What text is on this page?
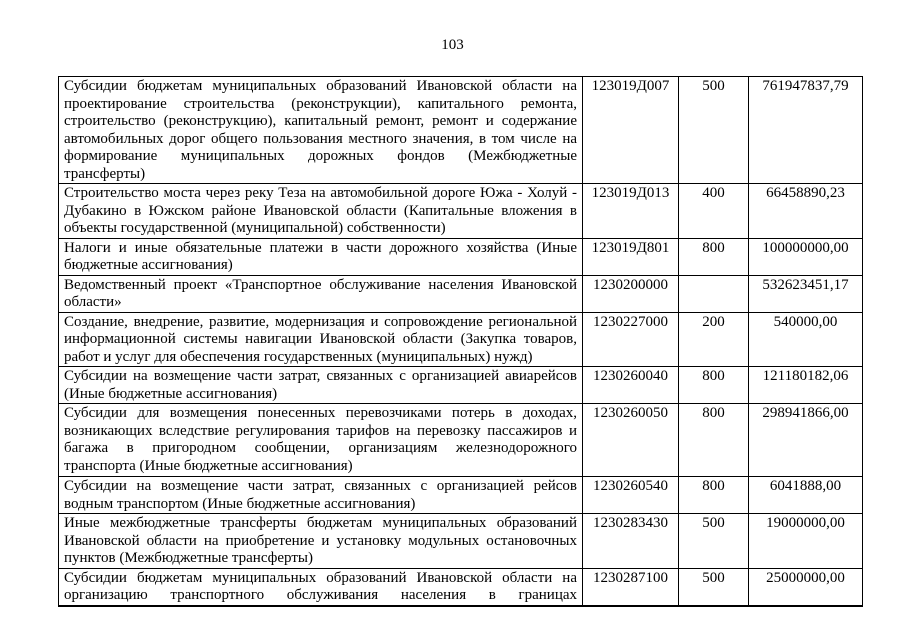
103
Субсидии бюджетам муниципальных образований Ивановской области на проектирование строительства (реконструкции), капитального ремонта, строительство (реконструкцию), капитальный ремонт, ремонт и содержание автомобильных дорог общего пользования местного значения, в том числе на формирование муниципальных дорожных фондов (Межбюджетные трансферты)	123019Д007	500	761947837,79
Строительство моста через реку Теза на автомобильной дороге Южа - Холуй - Дубакино в Южском районе Ивановской области (Капитальные вложения в объекты государственной (муниципальной) собственности)	123019Д013	400	66458890,23
Налоги и иные обязательные платежи в части дорожного хозяйства (Иные бюджетные ассигнования)	123019Д801	800	100000000,00
Ведомственный проект «Транспортное обслуживание населения Ивановской области»	1230200000		532623451,17
Создание, внедрение, развитие, модернизация и сопровождение региональной информационной системы навигации Ивановской области (Закупка товаров, работ и услуг для обеспечения государственных (муниципальных) нужд)	1230227000	200	540000,00
Субсидии на возмещение части затрат, связанных с организацией авиарейсов (Иные бюджетные ассигнования)	1230260040	800	121180182,06
Субсидии для возмещения понесенных перевозчиками потерь в доходах, возникающих вследствие регулирования тарифов на перевозку пассажиров и багажа в пригородном сообщении, организациям железнодорожного транспорта (Иные бюджетные ассигнования)	1230260050	800	298941866,00
Субсидии на возмещение части затрат, связанных с организацией рейсов водным транспортом (Иные бюджетные ассигнования)	1230260540	800	6041888,00
Иные межбюджетные трансферты бюджетам муниципальных образований Ивановской области на приобретение и установку модульных остановочных пунктов (Межбюджетные трансферты)	1230283430	500	19000000,00
Субсидии бюджетам муниципальных образований Ивановской области на организацию транспортного обслуживания населения в границах	1230287100	500	25000000,00
